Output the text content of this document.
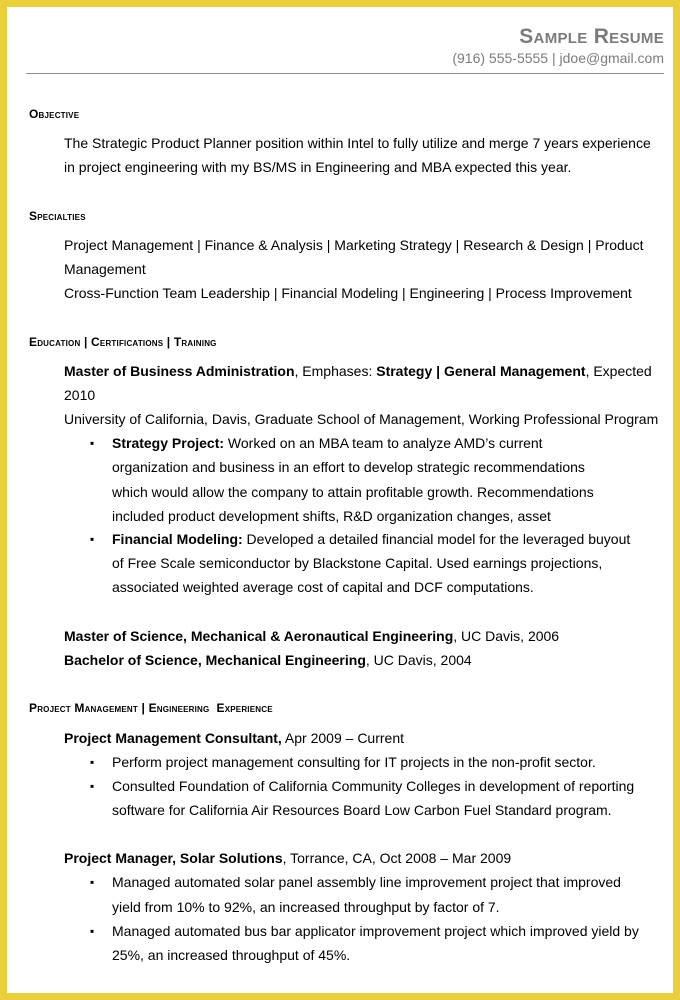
Sample Resume
(916) 555-5555 | jdoe@gmail.com
Objective
The Strategic Product Planner position within Intel to fully utilize and merge 7 years experience
in project engineering with my BS/MS in Engineering and MBA expected this year.
Specialties
Project Management | Finance & Analysis | Marketing Strategy | Research & Design | Product
Management
Cross-Function Team Leadership | Financial Modeling | Engineering | Process Improvement
Education | Certifications | Training
Master of Business Administration, Emphases: Strategy | General Management, Expected
2010
University of California, Davis, Graduate School of Management, Working Professional Program
▪ Strategy Project: Worked on an MBA team to analyze AMD’s current
organization and business in an effort to develop strategic recommendations
which would allow the company to attain profitable growth. Recommendations
included product development shifts, R&D organization changes, asset
▪ Financial Modeling: Developed a detailed financial model for the leveraged buyout
of Free Scale semiconductor by Blackstone Capital. Used earnings projections,
associated weighted average cost of capital and DCF computations.
Master of Science, Mechanical & Aeronautical Engineering, UC Davis, 2006
Bachelor of Science, Mechanical Engineering, UC Davis, 2004
Project Management | Engineering  Experience
Project Management Consultant, Apr 2009 – Current
▪ Perform project management consulting for IT projects in the non-profit sector.
▪ Consulted Foundation of California Community Colleges in development of reporting
software for California Air Resources Board Low Carbon Fuel Standard program.
Project Manager, Solar Solutions, Torrance, CA, Oct 2008 – Mar 2009
▪ Managed automated solar panel assembly line improvement project that improved
yield from 10% to 92%, an increased throughput by factor of 7.
▪ Managed automated bus bar applicator improvement project which improved yield by
25%, an increased throughput of 45%.
